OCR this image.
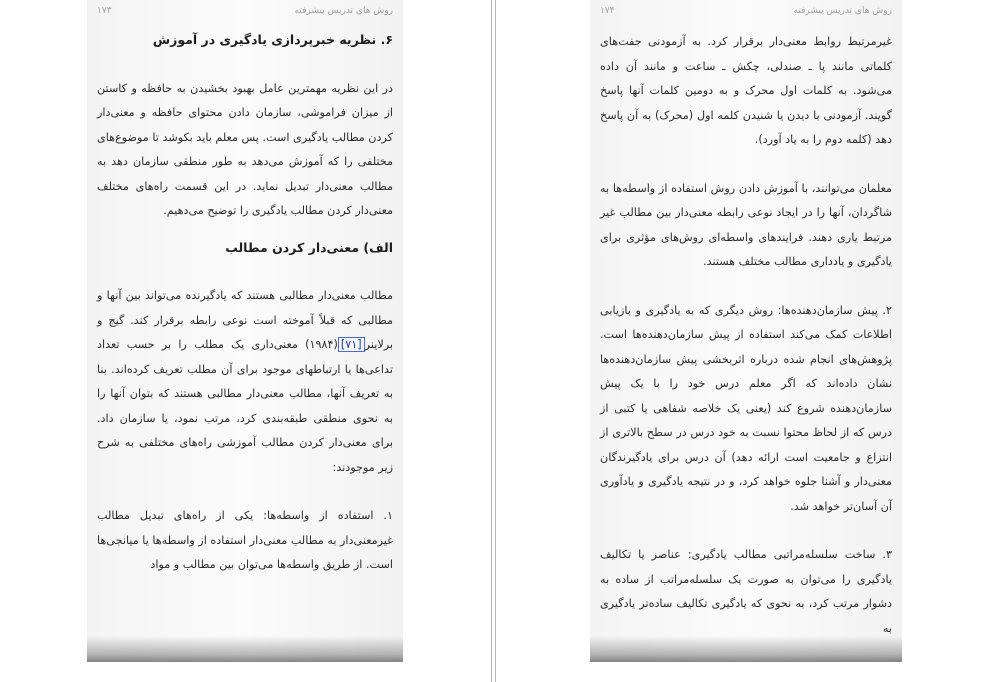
روش های تدریس پیشرفته
۱۷۳

۶. نظریه خبرپردازی یادگیری در آموزش

در این نظریه مهمترین عامل بهبود بخشیدن به حافظه و کاستن از میزان فراموشی، سازمان دادن محتوای حافظه و معنی‌دار کردن مطالب یادگیری است. پس معلم باید بکوشد تا موضوع‌های مختلفی را که آموزش می‌دهد به طور منطقی سازمان دهد به مطالب معنی‌دار تبدیل نماید. در این قسمت راه‌های مختلف معنی‌دار کردن مطالب یادگیری را توضیح می‌دهیم.

الف) معنی‌دار کردن مطالب

مطالب معنی‌دار مطالبی هستند که یادگیرنده می‌تواند بین آنها و مطالبی که قبلاً آموخته است نوعی رابطه برقرار کند. گیج و برلاینر[۷۱](۱۹۸۴) معنی‌داری یک مطلب را بر حسب تعداد تداعی‌ها یا ارتباطهای موجود برای آن مطلب تعریف کرده‌اند. بنا به تعریف آنها، مطالب معنی‌دار مطالبی هستند که بتوان آنها را به نحوی منطقی طبقه‌بندی کرد، مرتب نمود، یا سازمان داد. برای معنی‌دار کردن مطالب آموزشی راه‌های مختلفی به شرح زیر موجودند:

۱. استفاده از واسطه‌ها: یکی از راه‌های تبدیل مطالب غیرمعنی‌دار به مطالب معنی‌دار استفاده از واسطه‌ها یا میانجی‌ها است. از طریق واسطه‌ها می‌توان بین مطالب و مواد

روش های تدریس پیشرفته
۱۷۴

غیرمرتبط روابط معنی‌دار برقرار کرد. به آزمودنی جفت‌های کلماتی مانند پا ـ صندلی، چکش ـ ساعت و مانند آن داده می‌شود. به کلمات اول محرک و به دومین کلمات آنها پاسخ گویند. آزمودنی با دیدن یا شنیدن کلمه اول (محرک) به آن پاسخ دهد (کلمه دوم را به یاد آورد).

معلمان می‌توانند، با آموزش دادن روش استفاده از واسطه‌ها به شاگردان، آنها را در ایجاد نوعی رابطه معنی‌دار بین مطالب غیر مرتبط یاری دهند. فرایندهای واسطه‌ای روش‌های مؤثری برای یادگیری و یادداری مطالب مختلف هستند.

۲. پیش سازمان‌دهنده‌ها: روش دیگری که به یادگیری و بازیابی اطلاعات کمک می‌کند استفاده از پیش سازمان‌دهنده‌ها است. پژوهش‌های انجام شده درباره اثربخشی پیش سازمان‌دهنده‌ها نشان داده‌اند که اگر معلم درس خود را با یک پیش سازمان‌دهنده شروع کند (یعنی یک خلاصه شفاهی یا کتبی از درس که از لحاظ محتوا نسبت به خود درس در سطح بالاتری از انتزاع و جامعیت است ارائه دهد) آن درس برای یادگیرندگان معنی‌دار و آشنا جلوه خواهد کرد، و در نتیجه یادگیری و یادآوری آن آسان‌تر خواهد شد.

۳. ساخت سلسله‌مراتبی مطالب یادگیری: عناصر یا تکالیف یادگیری را می‌توان به صورت یک سلسله‌مراتب از ساده به دشوار مرتب کرد، به نحوی که یادگیری تکالیف ساده‌تر یادگیری به
